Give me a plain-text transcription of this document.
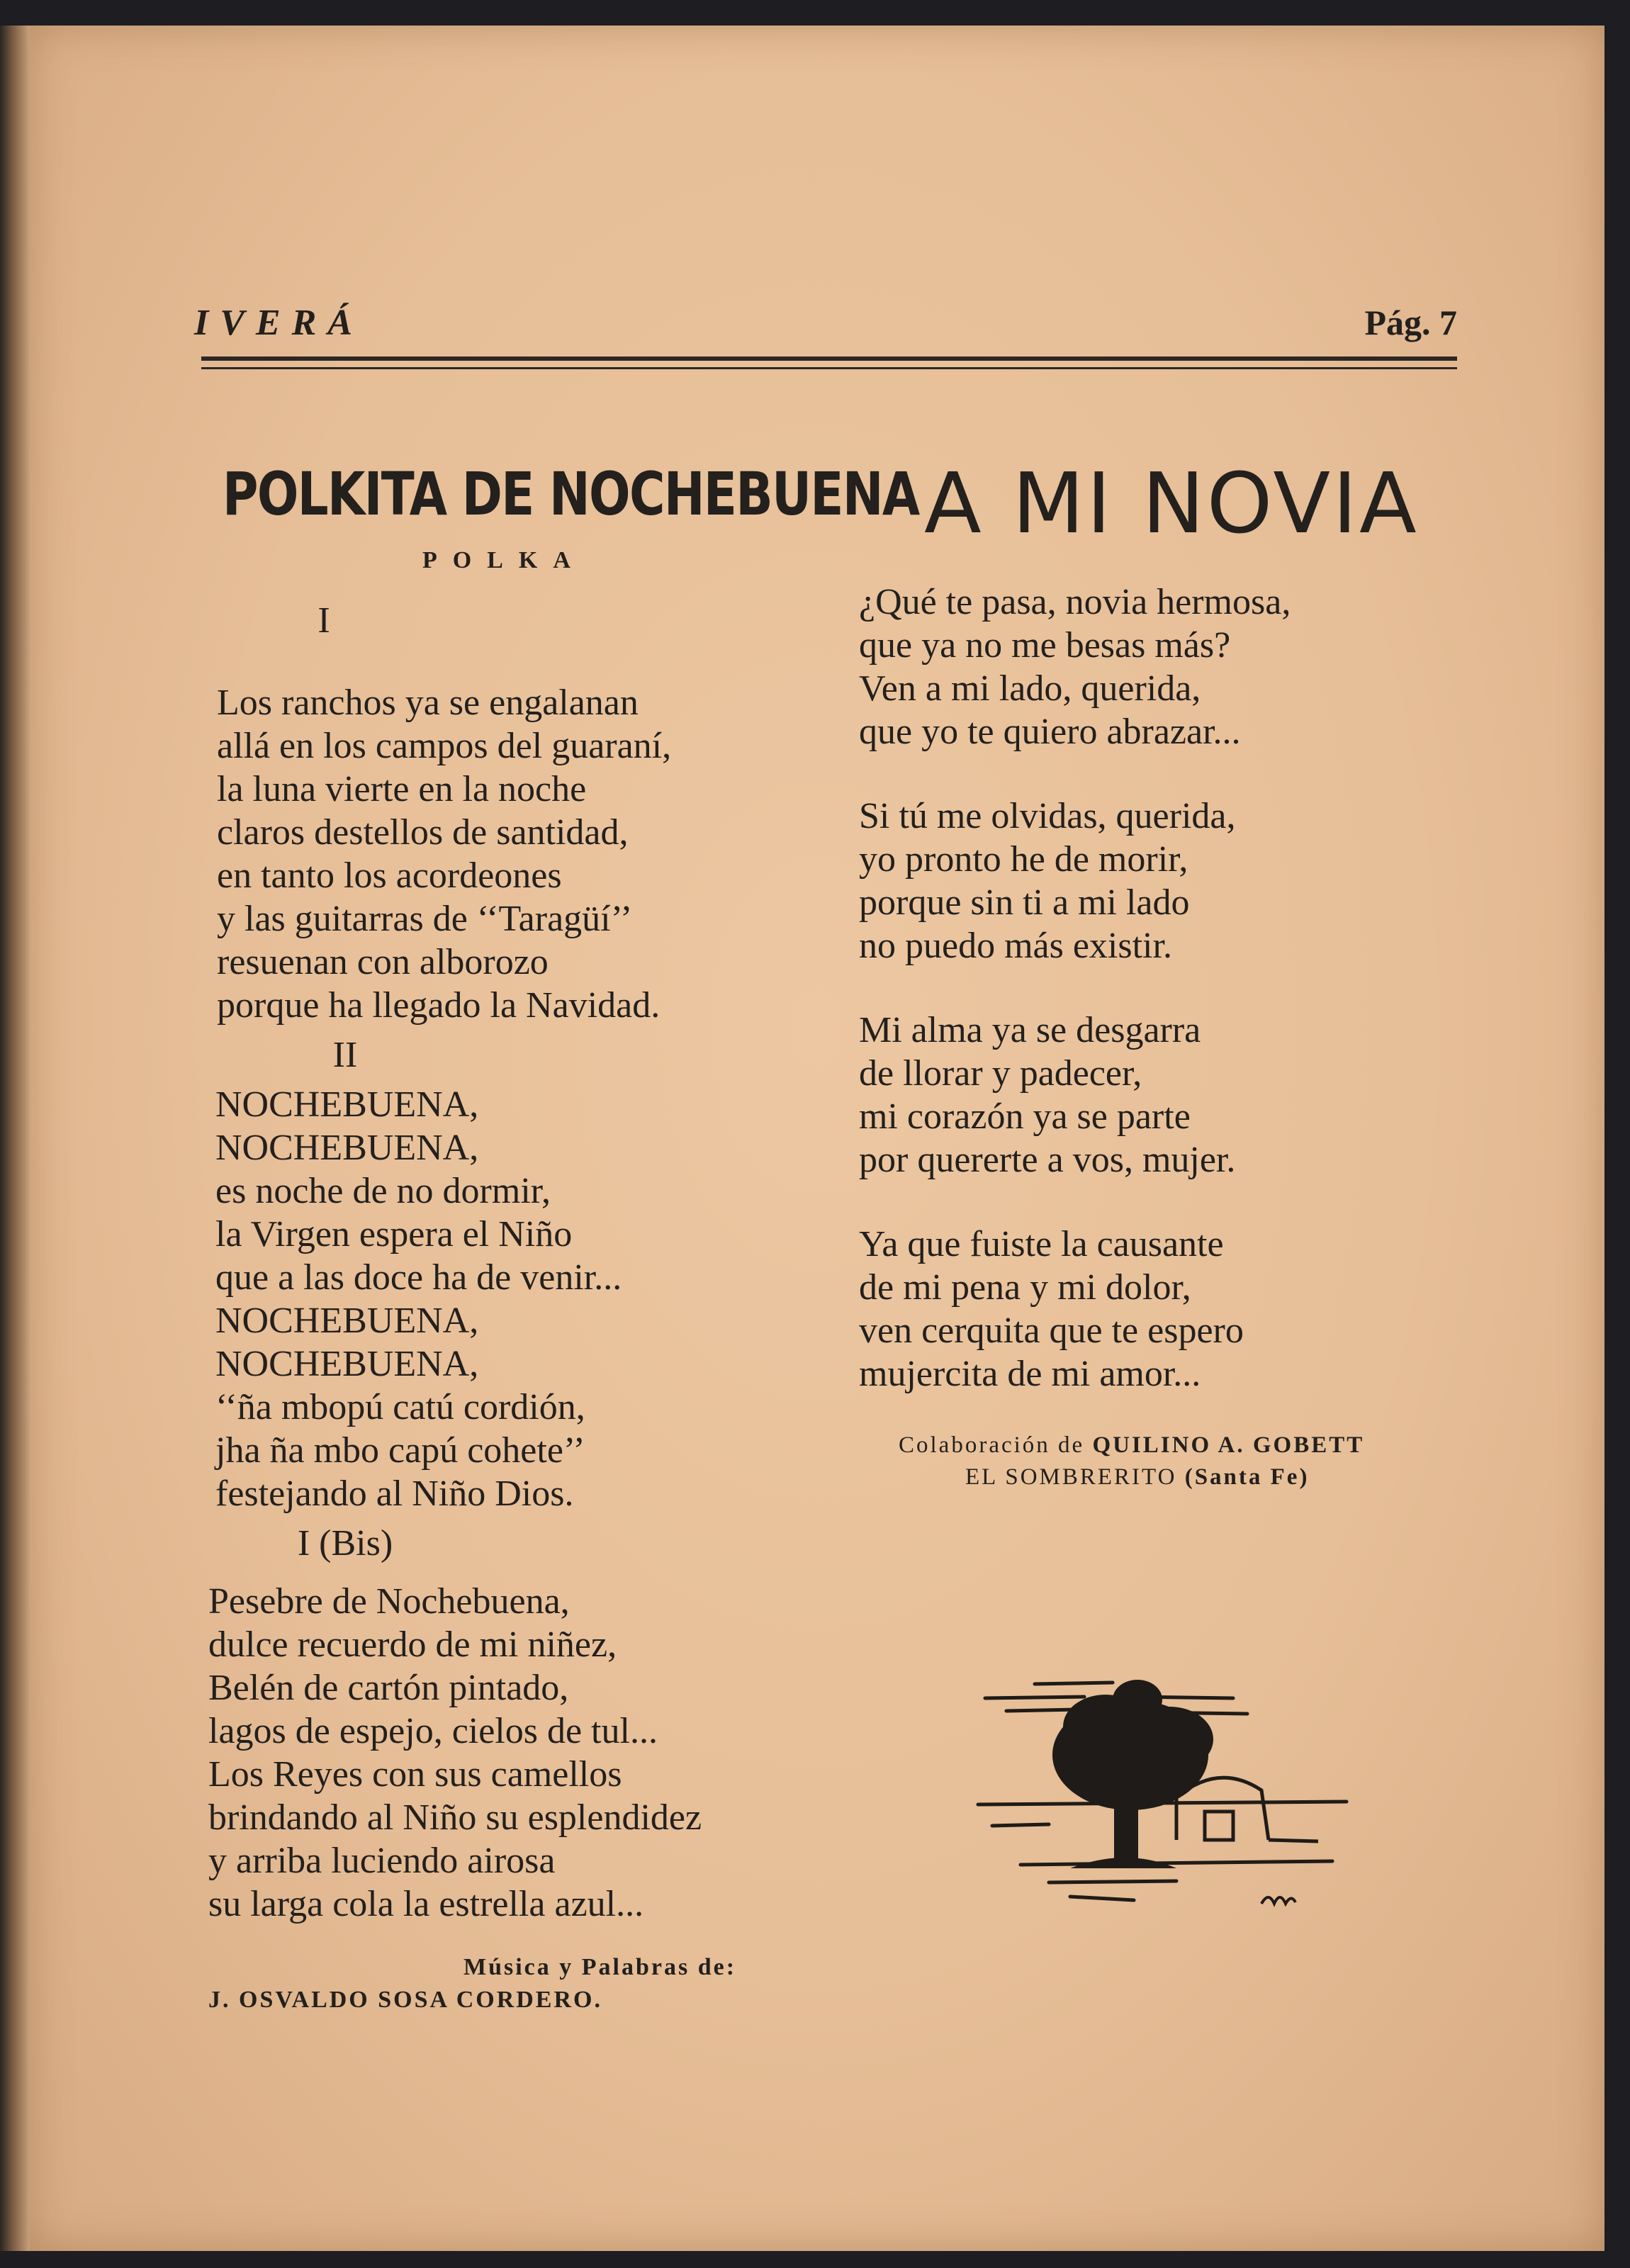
IVERÁ	Pág. 7
POLKITA DE NOCHEBUENA
POLKA
I
Los ranchos ya se engalanan
allá en los campos del guaraní,
la luna vierte en la noche
claros destellos de santidad,
en tanto los acordeones
y las guitarras de ‘‘Taragüí’’
resuenan con alborozo
porque ha llegado la Navidad.
II
NOCHEBUENA,
NOCHEBUENA,
es noche de no dormir,
la Virgen espera el Niño
que a las doce ha de venir...
NOCHEBUENA,
NOCHEBUENA,
‘‘ña mbopú catú cordión,
jha ña mbo capú cohete’’
festejando al Niño Dios.
I (Bis)
Pesebre de Nochebuena,
dulce recuerdo de mi niñez,
Belén de cartón pintado,
lagos de espejo, cielos de tul...
Los Reyes con sus camellos
brindando al Niño su esplendidez
y arriba luciendo airosa
su larga cola la estrella azul...
Música y Palabras de:
J. OSVALDO SOSA CORDERO.
A MI NOVIA
¿Qué te pasa, novia hermosa,
que ya no me besas más?
Ven a mi lado, querida,
que yo te quiero abrazar...
Si tú me olvidas, querida,
yo pronto he de morir,
porque sin ti a mi lado
no puedo más existir.
Mi alma ya se desgarra
de llorar y padecer,
mi corazón ya se parte
por quererte a vos, mujer.
Ya que fuiste la causante
de mi pena y mi dolor,
ven cerquita que te espero
mujercita de mi amor...
Colaboración de QUILINO A. GOBETT
EL SOMBRERITO (Santa Fe)
